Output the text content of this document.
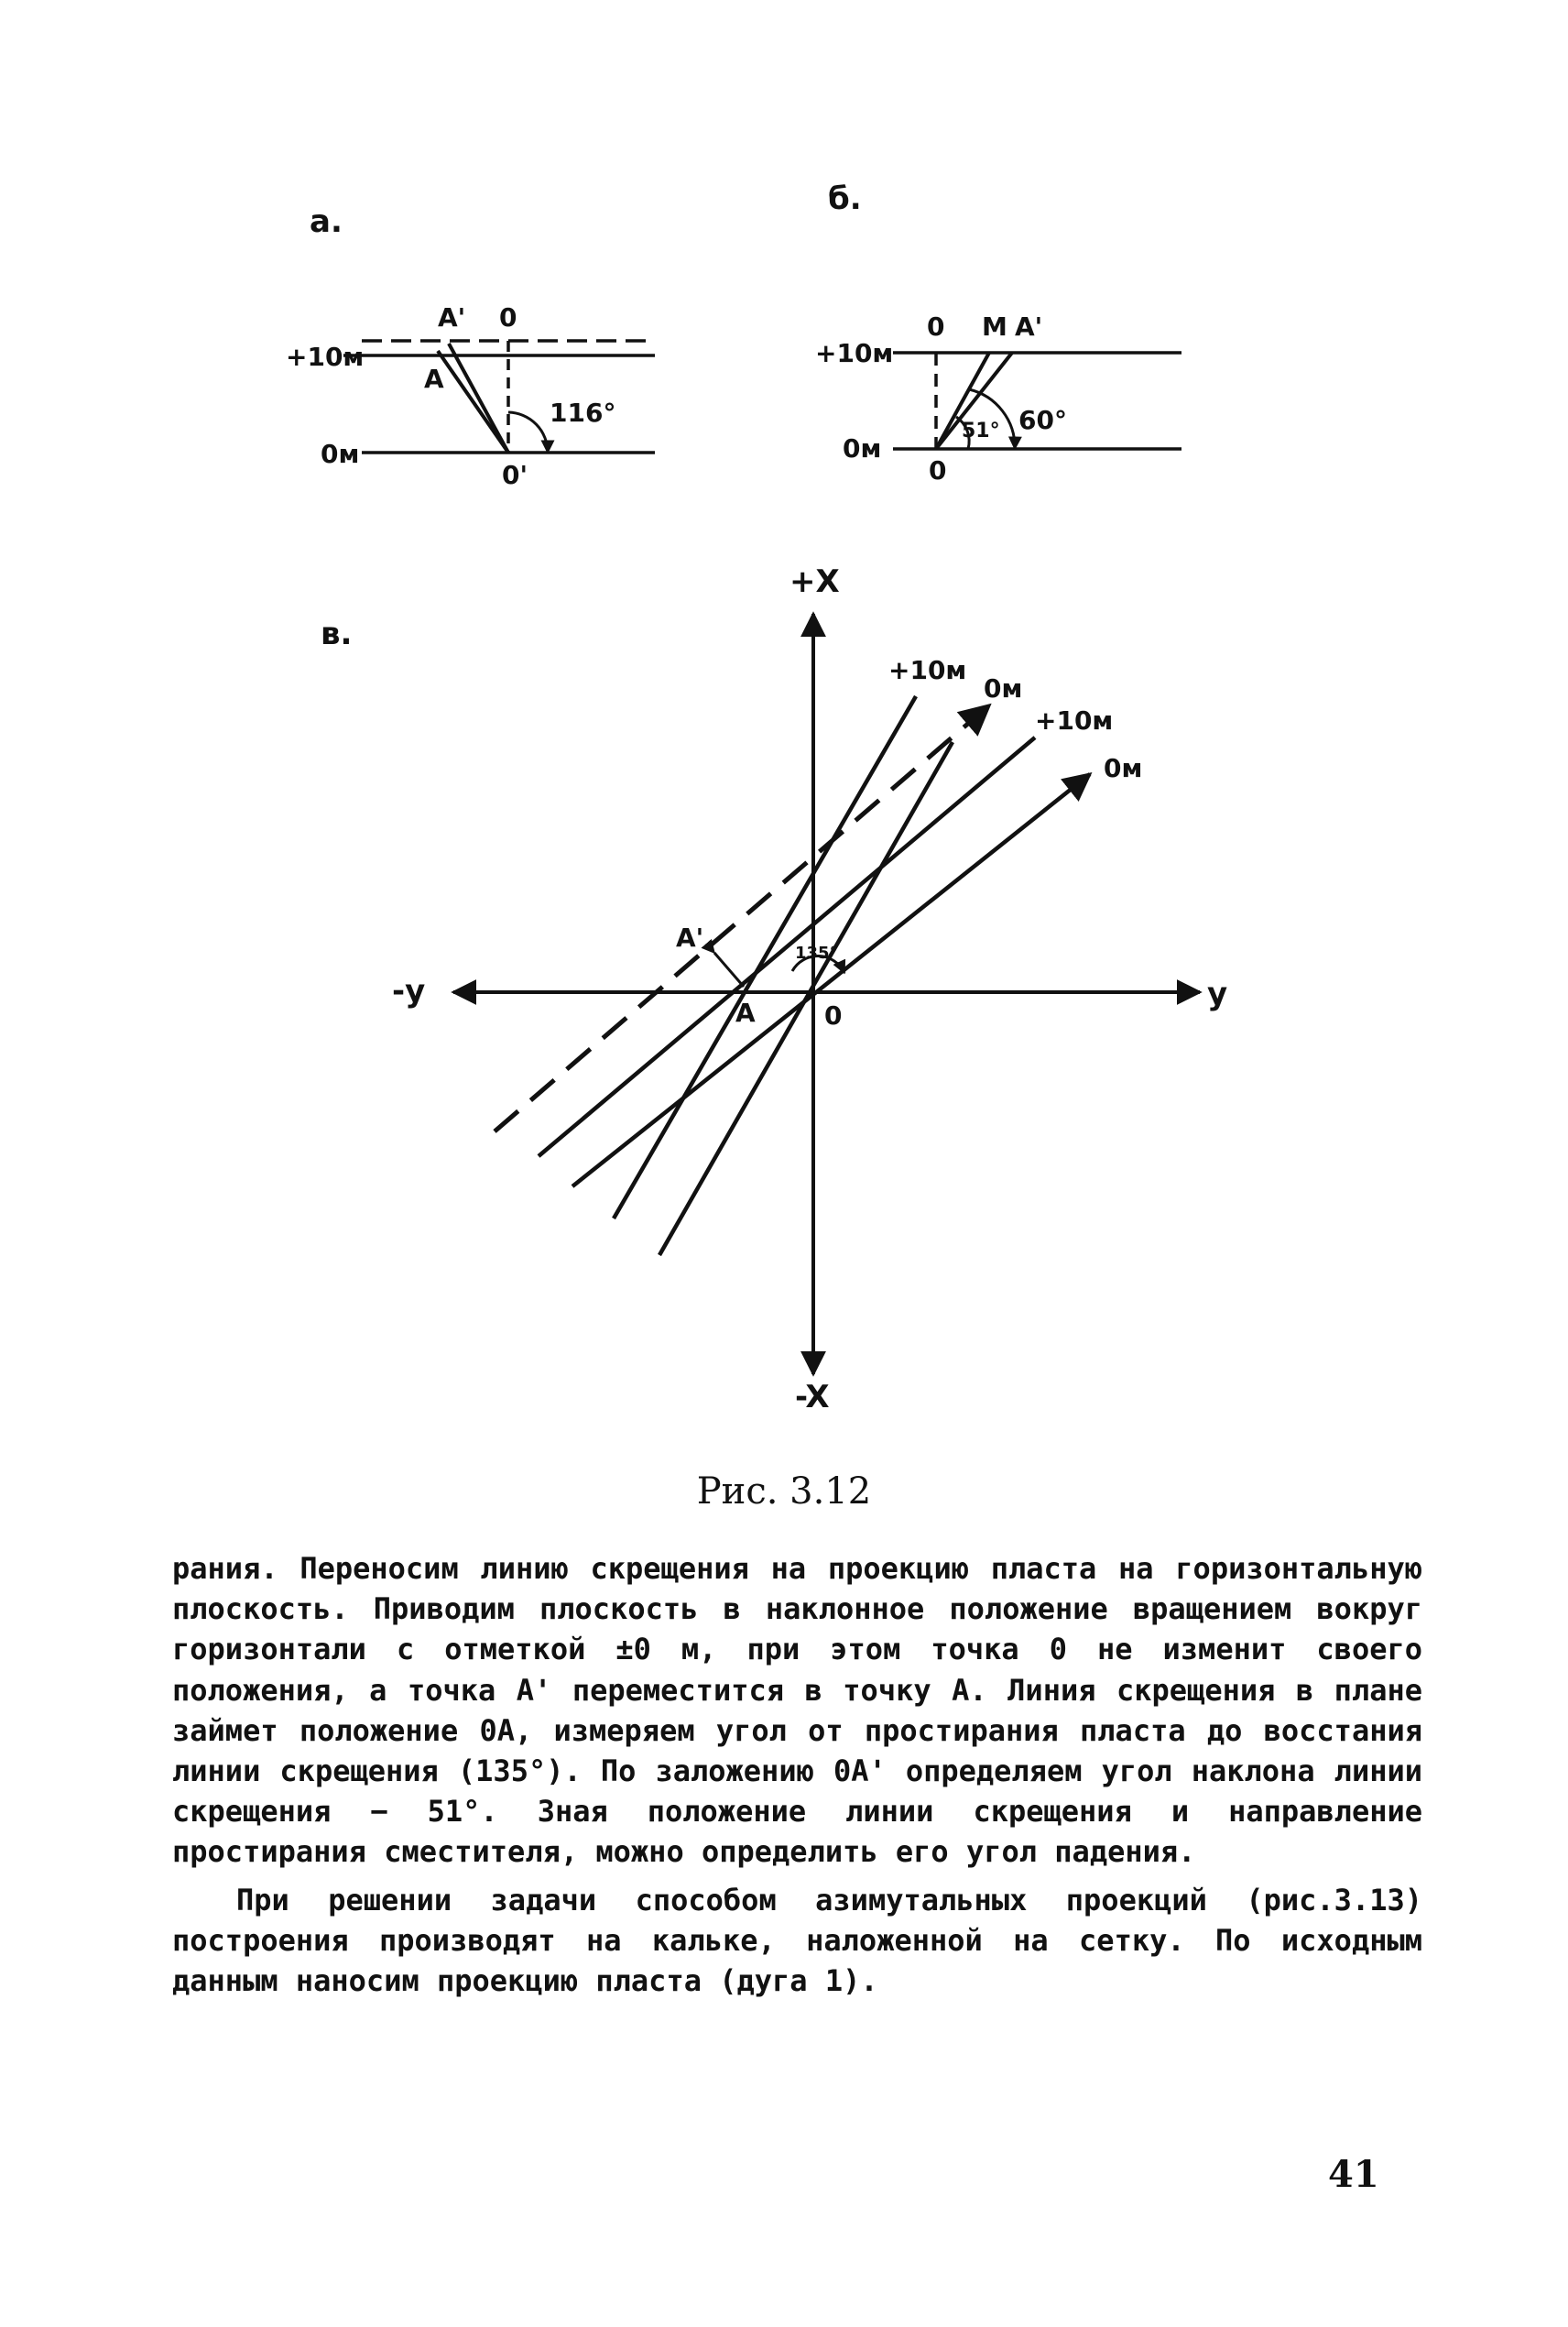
а.
A' 0
+10м
A
116°
0м
0'
б.
0 M A'
+10м
0м
51° 60°
0
в.
+X
-X
-y	y
+10м
0м
+10м
0м
A'
A	0
135°
Рис. 3.12

рания. Переносим линию скрещения на проекцию пласта на горизонтальную плоскость. Приводим плоскость в наклонное положение вращением вокруг горизонтали с отметкой ±0 м, при этом точка 0 не изменит своего положения, а точка A' переместится в точку A. Линия скрещения в плане займет положение 0A, измеряем угол от простирания пласта до восстания линии скрещения (135°). По заложению 0A' определяем угол наклона линии скрещения − 51°. Зная положение линии скрещения и направление простирания сместителя, можно определить его угол падения.

При решении задачи способом азимутальных проекций (рис.3.13) построения производят на кальке, наложенной на сетку. По исходным данным наносим проекцию пласта (дуга 1).

41
